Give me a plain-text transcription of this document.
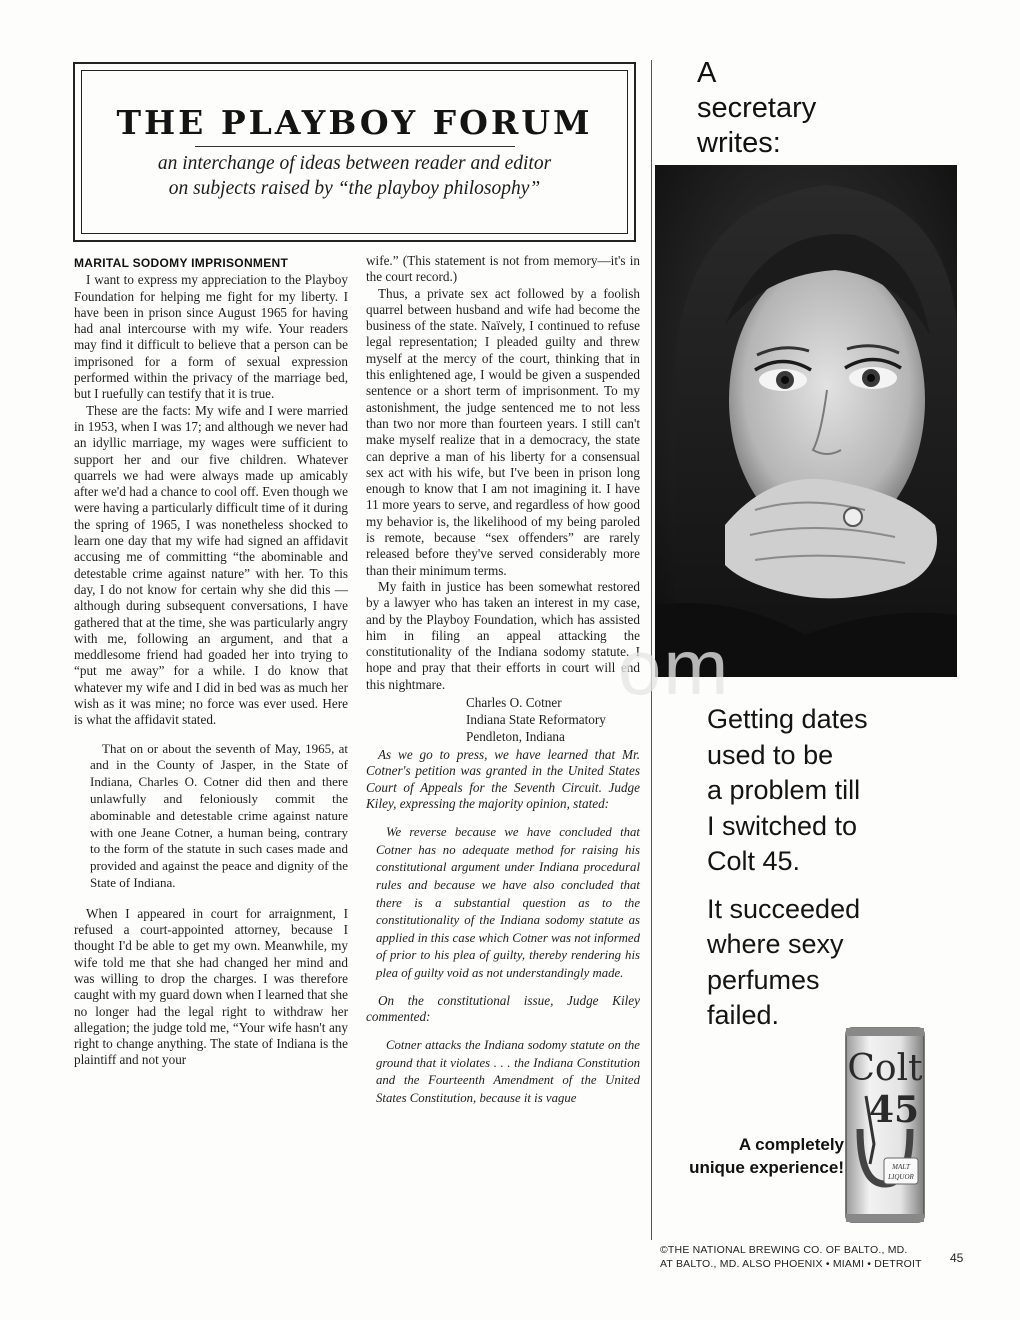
THE PLAYBOY FORUM
an interchange of ideas between reader and editor
on subjects raised by “the playboy philosophy”
MARITAL SODOMY IMPRISONMENT

I want to express my appreciation to the Playboy Foundation for helping me fight for my liberty. I have been in prison since August 1965 for having had anal intercourse with my wife. Your readers may find it difficult to believe that a person can be imprisoned for a form of sexual expression performed within the privacy of the marriage bed, but I ruefully can testify that it is true.

These are the facts: My wife and I were married in 1953, when I was 17; and although we never had an idyllic marriage, my wages were sufficient to support her and our five children. Whatever quarrels we had were always made up amicably after we'd had a chance to cool off. Even though we were having a particularly difficult time of it during the spring of 1965, I was nonetheless shocked to learn one day that my wife had signed an affidavit accusing me of committing “the abominable and detestable crime against nature” with her. To this day, I do not know for certain why she did this —although during subsequent conversations, I have gathered that at the time, she was particularly angry with me, following an argument, and that a meddlesome friend had goaded her into trying to “put me away” for a while. I do know that whatever my wife and I did in bed was as much her wish as it was mine; no force was ever used. Here is what the affidavit stated.

That on or about the seventh of May, 1965, at and in the County of Jasper, in the State of Indiana, Charles O. Cotner did then and there unlawfully and feloniously commit the abominable and detestable crime against nature with one Jeane Cotner, a human being, contrary to the form of the statute in such cases made and provided and against the peace and dignity of the State of Indiana.

When I appeared in court for arraignment, I refused a court-appointed attorney, because I thought I'd be able to get my own. Meanwhile, my wife told me that she had changed her mind and was willing to drop the charges. I was therefore caught with my guard down when I learned that she no longer had the legal right to withdraw her allegation; the judge told me, “Your wife hasn't any right to change anything. The state of Indiana is the plaintiff and not your

wife.” (This statement is not from memory—it's in the court record.)

Thus, a private sex act followed by a foolish quarrel between husband and wife had become the business of the state. Naïvely, I continued to refuse legal representation; I pleaded guilty and threw myself at the mercy of the court, thinking that in this enlightened age, I would be given a suspended sentence or a short term of imprisonment. To my astonishment, the judge sentenced me to not less than two nor more than fourteen years. I still can't make myself realize that in a democracy, the state can deprive a man of his liberty for a consensual sex act with his wife, but I've been in prison long enough to know that I am not imagining it. I have 11 more years to serve, and regardless of how good my behavior is, the likelihood of my being paroled is remote, because “sex offenders” are rarely released before they've served considerably more than their minimum terms.

My faith in justice has been somewhat restored by a lawyer who has taken an interest in my case, and by the Playboy Foundation, which has assisted him in filing an appeal attacking the constitutionality of the Indiana sodomy statute. I hope and pray that their efforts in court will end this nightmare.

Charles O. Cotner
Indiana State Reformatory
Pendleton, Indiana

As we go to press, we have learned that Mr. Cotner's petition was granted in the United States Court of Appeals for the Seventh Circuit. Judge Kiley, expressing the majority opinion, stated:

We reverse because we have concluded that Cotner has no adequate method for raising his constitutional argument under Indiana procedural rules and because we have also concluded that there is a substantial question as to the constitutionality of the Indiana sodomy statute as applied in this case which Cotner was not informed of prior to his plea of guilty, thereby rendering his plea of guilty void as not understandingly made.

On the constitutional issue, Judge Kiley commented:

Cotner attacks the Indiana sodomy statute on the ground that it violates . . . the Indiana Constitution and the Fourteenth Amendment of the United States Constitution, because it is vague

A
secretary
writes:
om
Getting dates
used to be
a problem till
I switched to
Colt 45.
It succeeded
where sexy
perfumes
failed.
A completely
unique experience!
Colt
45
MALT
LIQUOR
©THE NATIONAL BREWING CO. OF BALTO., MD.
AT BALTO., MD. ALSO PHOENIX • MIAMI • DETROIT 45
